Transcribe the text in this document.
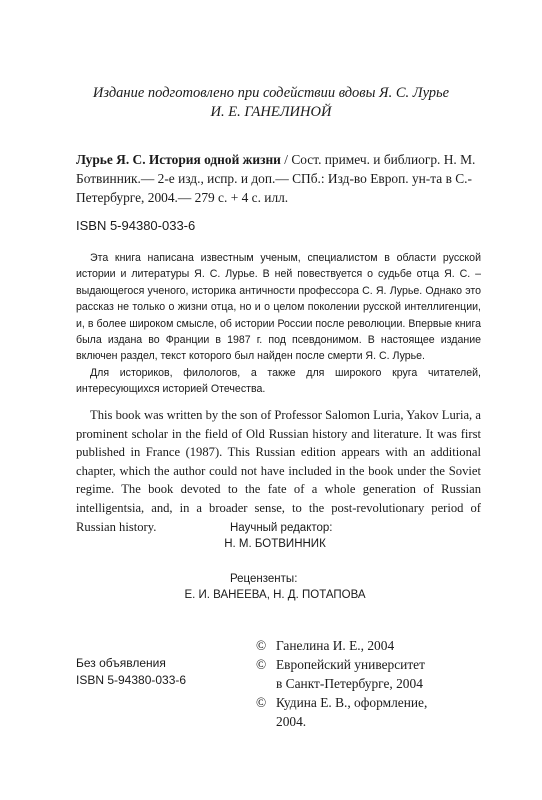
Издание подготовлено при содействии вдовы Я. С. Лурье
И. Е. ГАНЕЛИНОЙ
Лурье Я. С. История одной жизни / Сост. примеч. и библиогр. Н. М. Ботвинник.— 2-е изд., испр. и доп.— СПб.: Изд-во Европ. ун-та в С.-Петербурге, 2004.— 279 с. + 4 с. илл.
ISBN 5-94380-033-6

Эта книга написана известным ученым, специалистом в области русской истории и литературы Я. С. Лурье. В ней повествуется о судьбе отца Я. С. – выдающегося ученого, историка античности профессора С. Я. Лурье. Однако это рассказ не только о жизни отца, но и о целом поколении русской интеллигенции, и, в более широком смысле, об истории России после революции. Впервые книга была издана во Франции в 1987 г. под псевдонимом. В настоящее издание включен раздел, текст которого был найден после смерти Я. С. Лурье.

Для историков, филологов, а также для широкого круга читателей, интересующихся историей Отечества.

This book was written by the son of Professor Salomon Luria, Yakov Luria, a prominent scholar in the field of Old Russian history and literature. It was first published in France (1987). This Russian edition appears with an additional chapter, which the author could not have included in the book under the Soviet regime. The book devoted to the fate of a whole generation of Russian intelligentsia, and, in a broader sense, to the post-revolutionary period of Russian history.	Научный редактор:
Н. М. БОТВИННИК
Рецензенты:
Е. И. ВАНЕЕВА, Н. Д. ПОТАПОВА
Без объявления
ISBN 5-94380-033-6
© Ганелина И. Е., 2004
© Европейский университет
в Санкт-Петербурге, 2004
© Кудина Е. В., оформление,
2004.
